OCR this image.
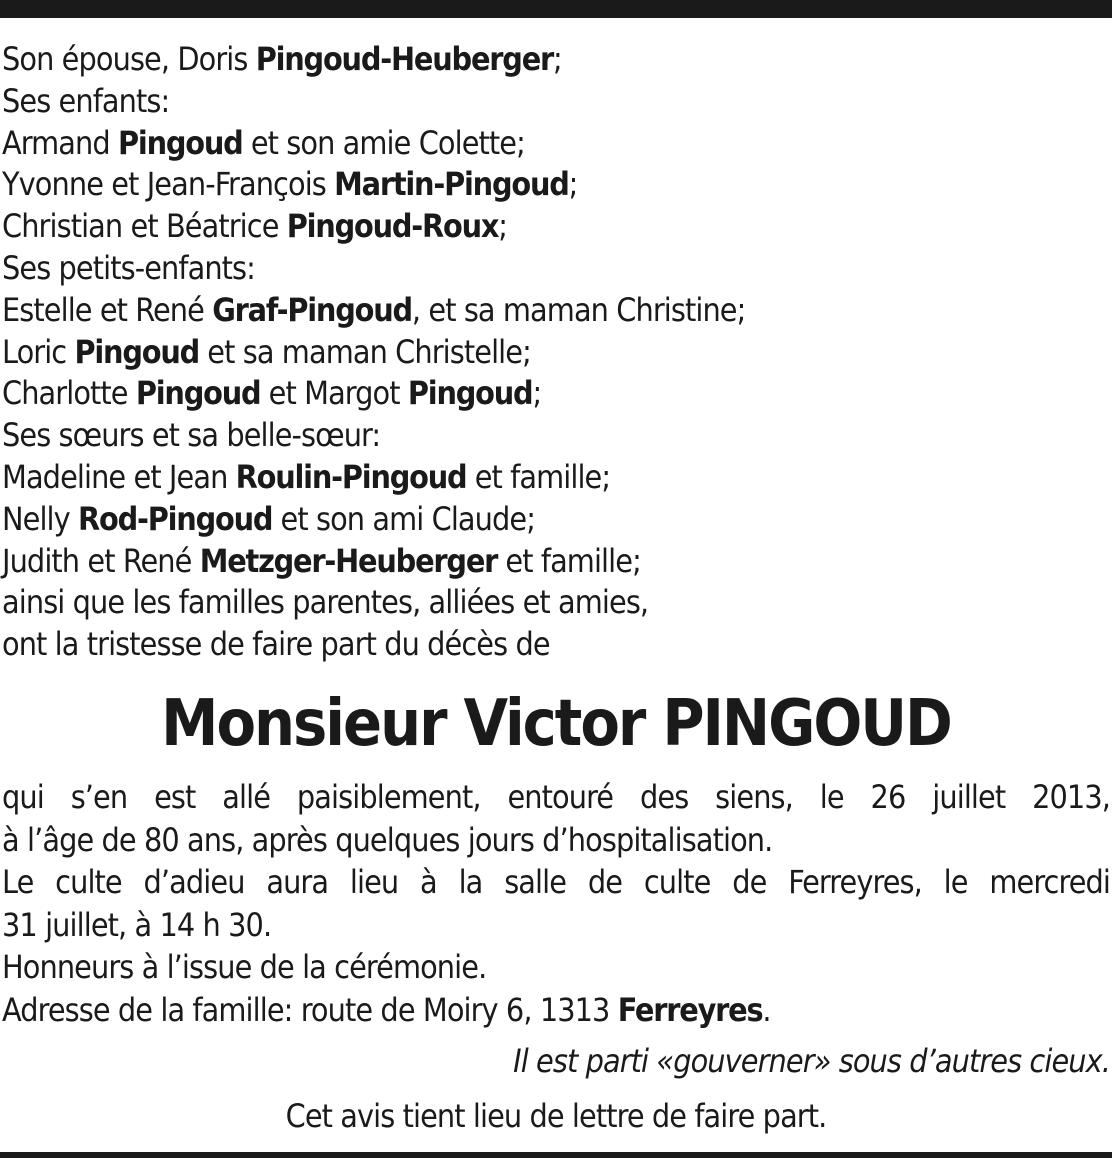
Son épouse, Doris Pingoud-Heuberger;
Ses enfants:
Armand Pingoud et son amie Colette;
Yvonne et Jean-François Martin-Pingoud;
Christian et Béatrice Pingoud-Roux;
Ses petits-enfants:
Estelle et René Graf-Pingoud, et sa maman Christine;
Loric Pingoud et sa maman Christelle;
Charlotte Pingoud et Margot Pingoud;
Ses sœurs et sa belle-sœur:
Madeline et Jean Roulin-Pingoud et famille;
Nelly Rod-Pingoud et son ami Claude;
Judith et René Metzger-Heuberger et famille;
ainsi que les familles parentes, alliées et amies,
ont la tristesse de faire part du décès de
Monsieur Victor PINGOUD
qui s’en est allé paisiblement, entouré des siens, le 26 juillet 2013,
à l’âge de 80 ans, après quelques jours d’hospitalisation.
Le culte d’adieu aura lieu à la salle de culte de Ferreyres, le mercredi
31 juillet, à 14 h 30.
Honneurs à l’issue de la cérémonie.
Adresse de la famille: route de Moiry 6, 1313 Ferreyres.
Il est parti «gouverner» sous d’autres cieux.
Cet avis tient lieu de lettre de faire part.
